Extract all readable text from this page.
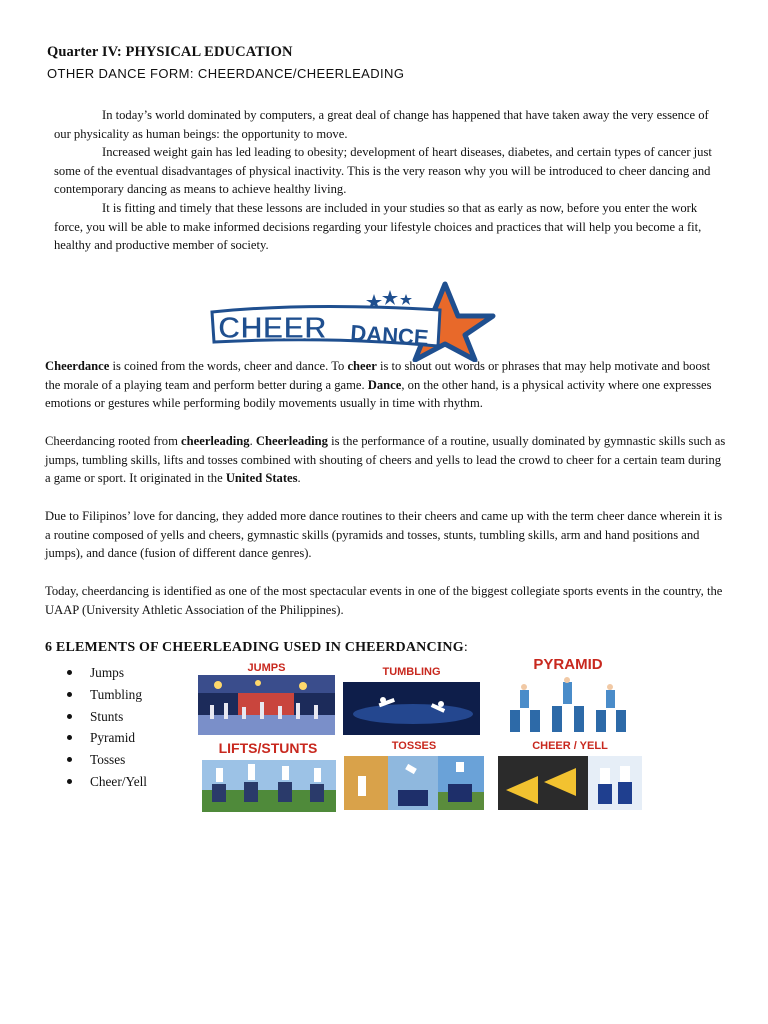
Quarter IV: PHYSICAL EDUCATION
OTHER DANCE FORM: CHEERDANCE/CHEERLEADING

In today’s world dominated by computers, a great deal of change has happened that have taken away the very essence of our physicality as human beings: the opportunity to move.

Increased weight gain has led leading to obesity; development of heart diseases, diabetes, and certain types of cancer just some of the eventual disadvantages of physical inactivity. This is the very reason why you will be introduced to cheer dancing and contemporary dancing as means to achieve healthy living.

It is fitting and timely that these lessons are included in your studies so that as early as now, before you enter the work force, you will be able to make informed decisions regarding your lifestyle choices and practices that will help you become a fit, healthy and productive member of society.

CHEER DANCE

Cheerdance is coined from the words, cheer and dance. To cheer is to shout out words or phrases that may help motivate and boost the morale of a playing team and perform better during a game. Dance, on the other hand, is a physical activity where one expresses emotions or gestures while performing bodily movements usually in time with rhythm.

Cheerdancing rooted from cheerleading. Cheerleading is the performance of a routine, usually dominated by gymnastic skills such as jumps, tumbling skills, lifts and tosses combined with shouting of cheers and yells to lead the crowd to cheer for a certain team during a game or sport. It originated in the United States.

Due to Filipinos’ love for dancing, they added more dance routines to their cheers and came up with the term cheer dance wherein it is a routine composed of yells and cheers, gymnastic skills (pyramids and tosses, stunts, tumbling skills, arm and hand positions and jumps), and dance (fusion of different dance genres).

Today, cheerdancing is identified as one of the most spectacular events in one of the biggest collegiate sports events in the country, the UAAP (University Athletic Association of the Philippines).

6 ELEMENTS OF CHEERLEADING USED IN CHEERDANCING:
Jumps
Tumbling
Stunts
Pyramid
Tosses
Cheer/Yell
JUMPS	TUMBLING	PYRAMID
LIFTS/STUNTS	TOSSES	CHEER / YELL
